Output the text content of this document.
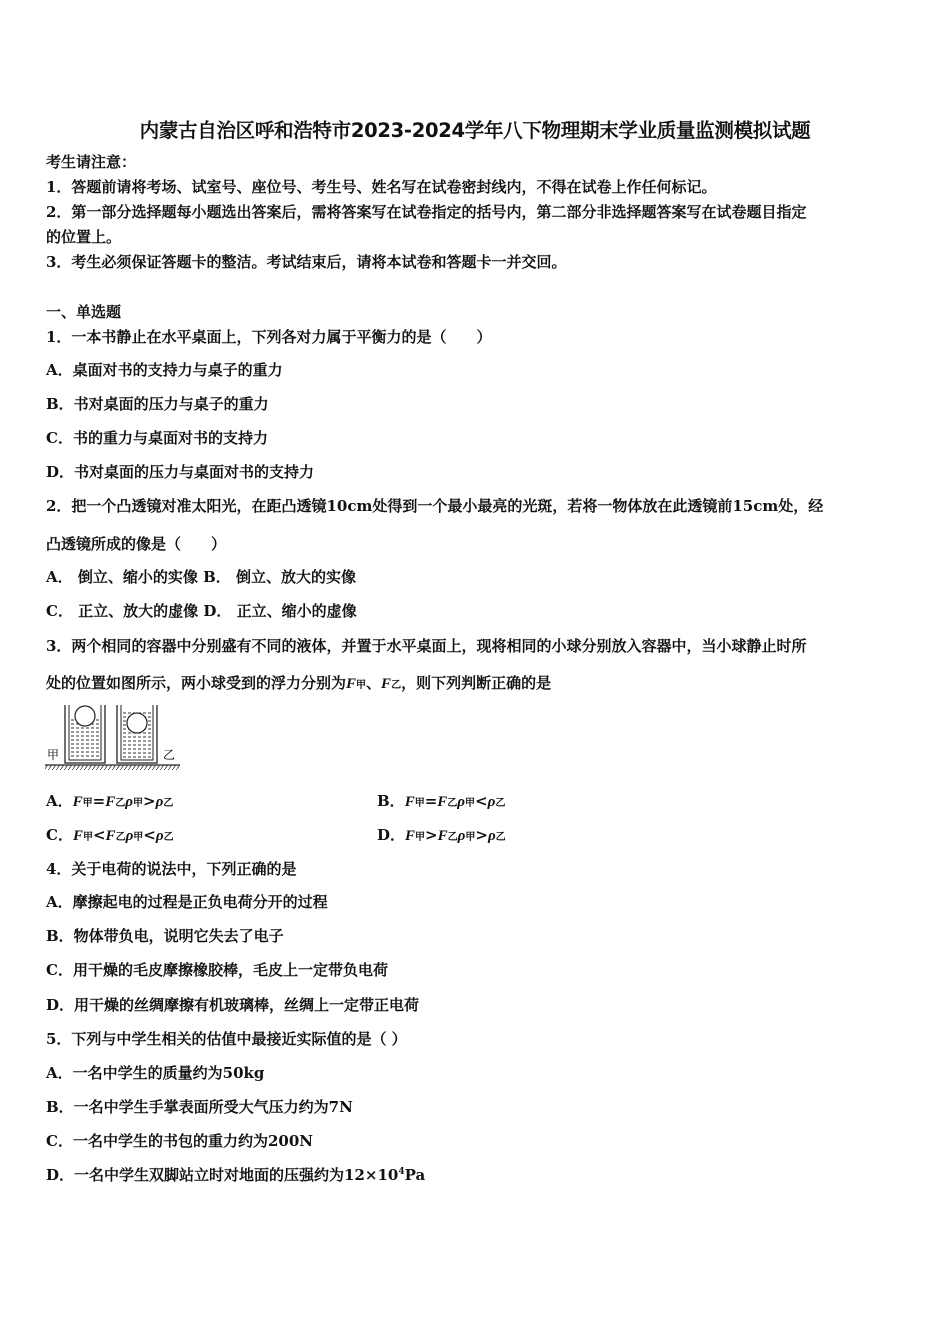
内蒙古自治区呼和浩特市2023-2024学年八下物理期末学业质量监测模拟试题
考生请注意：
1．答题前请将考场、试室号、座位号、考生号、姓名写在试卷密封线内，不得在试卷上作任何标记。
2．第一部分选择题每小题选出答案后，需将答案写在试卷指定的括号内，第二部分非选择题答案写在试卷题目指定
的位置上。
3．考生必须保证答题卡的整洁。考试结束后，请将本试卷和答题卡一并交回。
一、单选题
1．一本书静止在水平桌面上，下列各对力属于平衡力的是（　　）
A．桌面对书的支持力与桌子的重力
B．书对桌面的压力与桌子的重力
C．书的重力与桌面对书的支持力
D．书对桌面的压力与桌面对书的支持力
2．把一个凸透镜对准太阳光，在距凸透镜10cm处得到一个最小最亮的光斑，若将一物体放在此透镜前15cm处，经
凸透镜所成的像是（　　）
A． 倒立、缩小的实像 B． 倒立、放大的实像
C． 正立、放大的虚像 D． 正立、缩小的虚像
3．两个相同的容器中分别盛有不同的液体，并置于水平桌面上，现将相同的小球分别放入容器中，当小球静止时所
处的位置如图所示，两小球受到的浮力分别为F甲、F乙，则下列判断正确的是
甲	乙
A．F甲=F乙ρ甲>ρ乙	B．F甲=F乙ρ甲<ρ乙
C．F甲<F乙ρ甲<ρ乙	D．F甲>F乙ρ甲>ρ乙
4．关于电荷的说法中，下列正确的是
A．摩擦起电的过程是正负电荷分开的过程
B．物体带负电，说明它失去了电子
C．用干燥的毛皮摩擦橡胶棒，毛皮上一定带负电荷
D．用干燥的丝绸摩擦有机玻璃棒，丝绸上一定带正电荷
5．下列与中学生相关的估值中最接近实际值的是（ ）
A．一名中学生的质量约为50kg
B．一名中学生手掌表面所受大气压力约为7N
C．一名中学生的书包的重力约为200N
D．一名中学生双脚站立时对地面的压强约为$12\times 10^4Pa$
